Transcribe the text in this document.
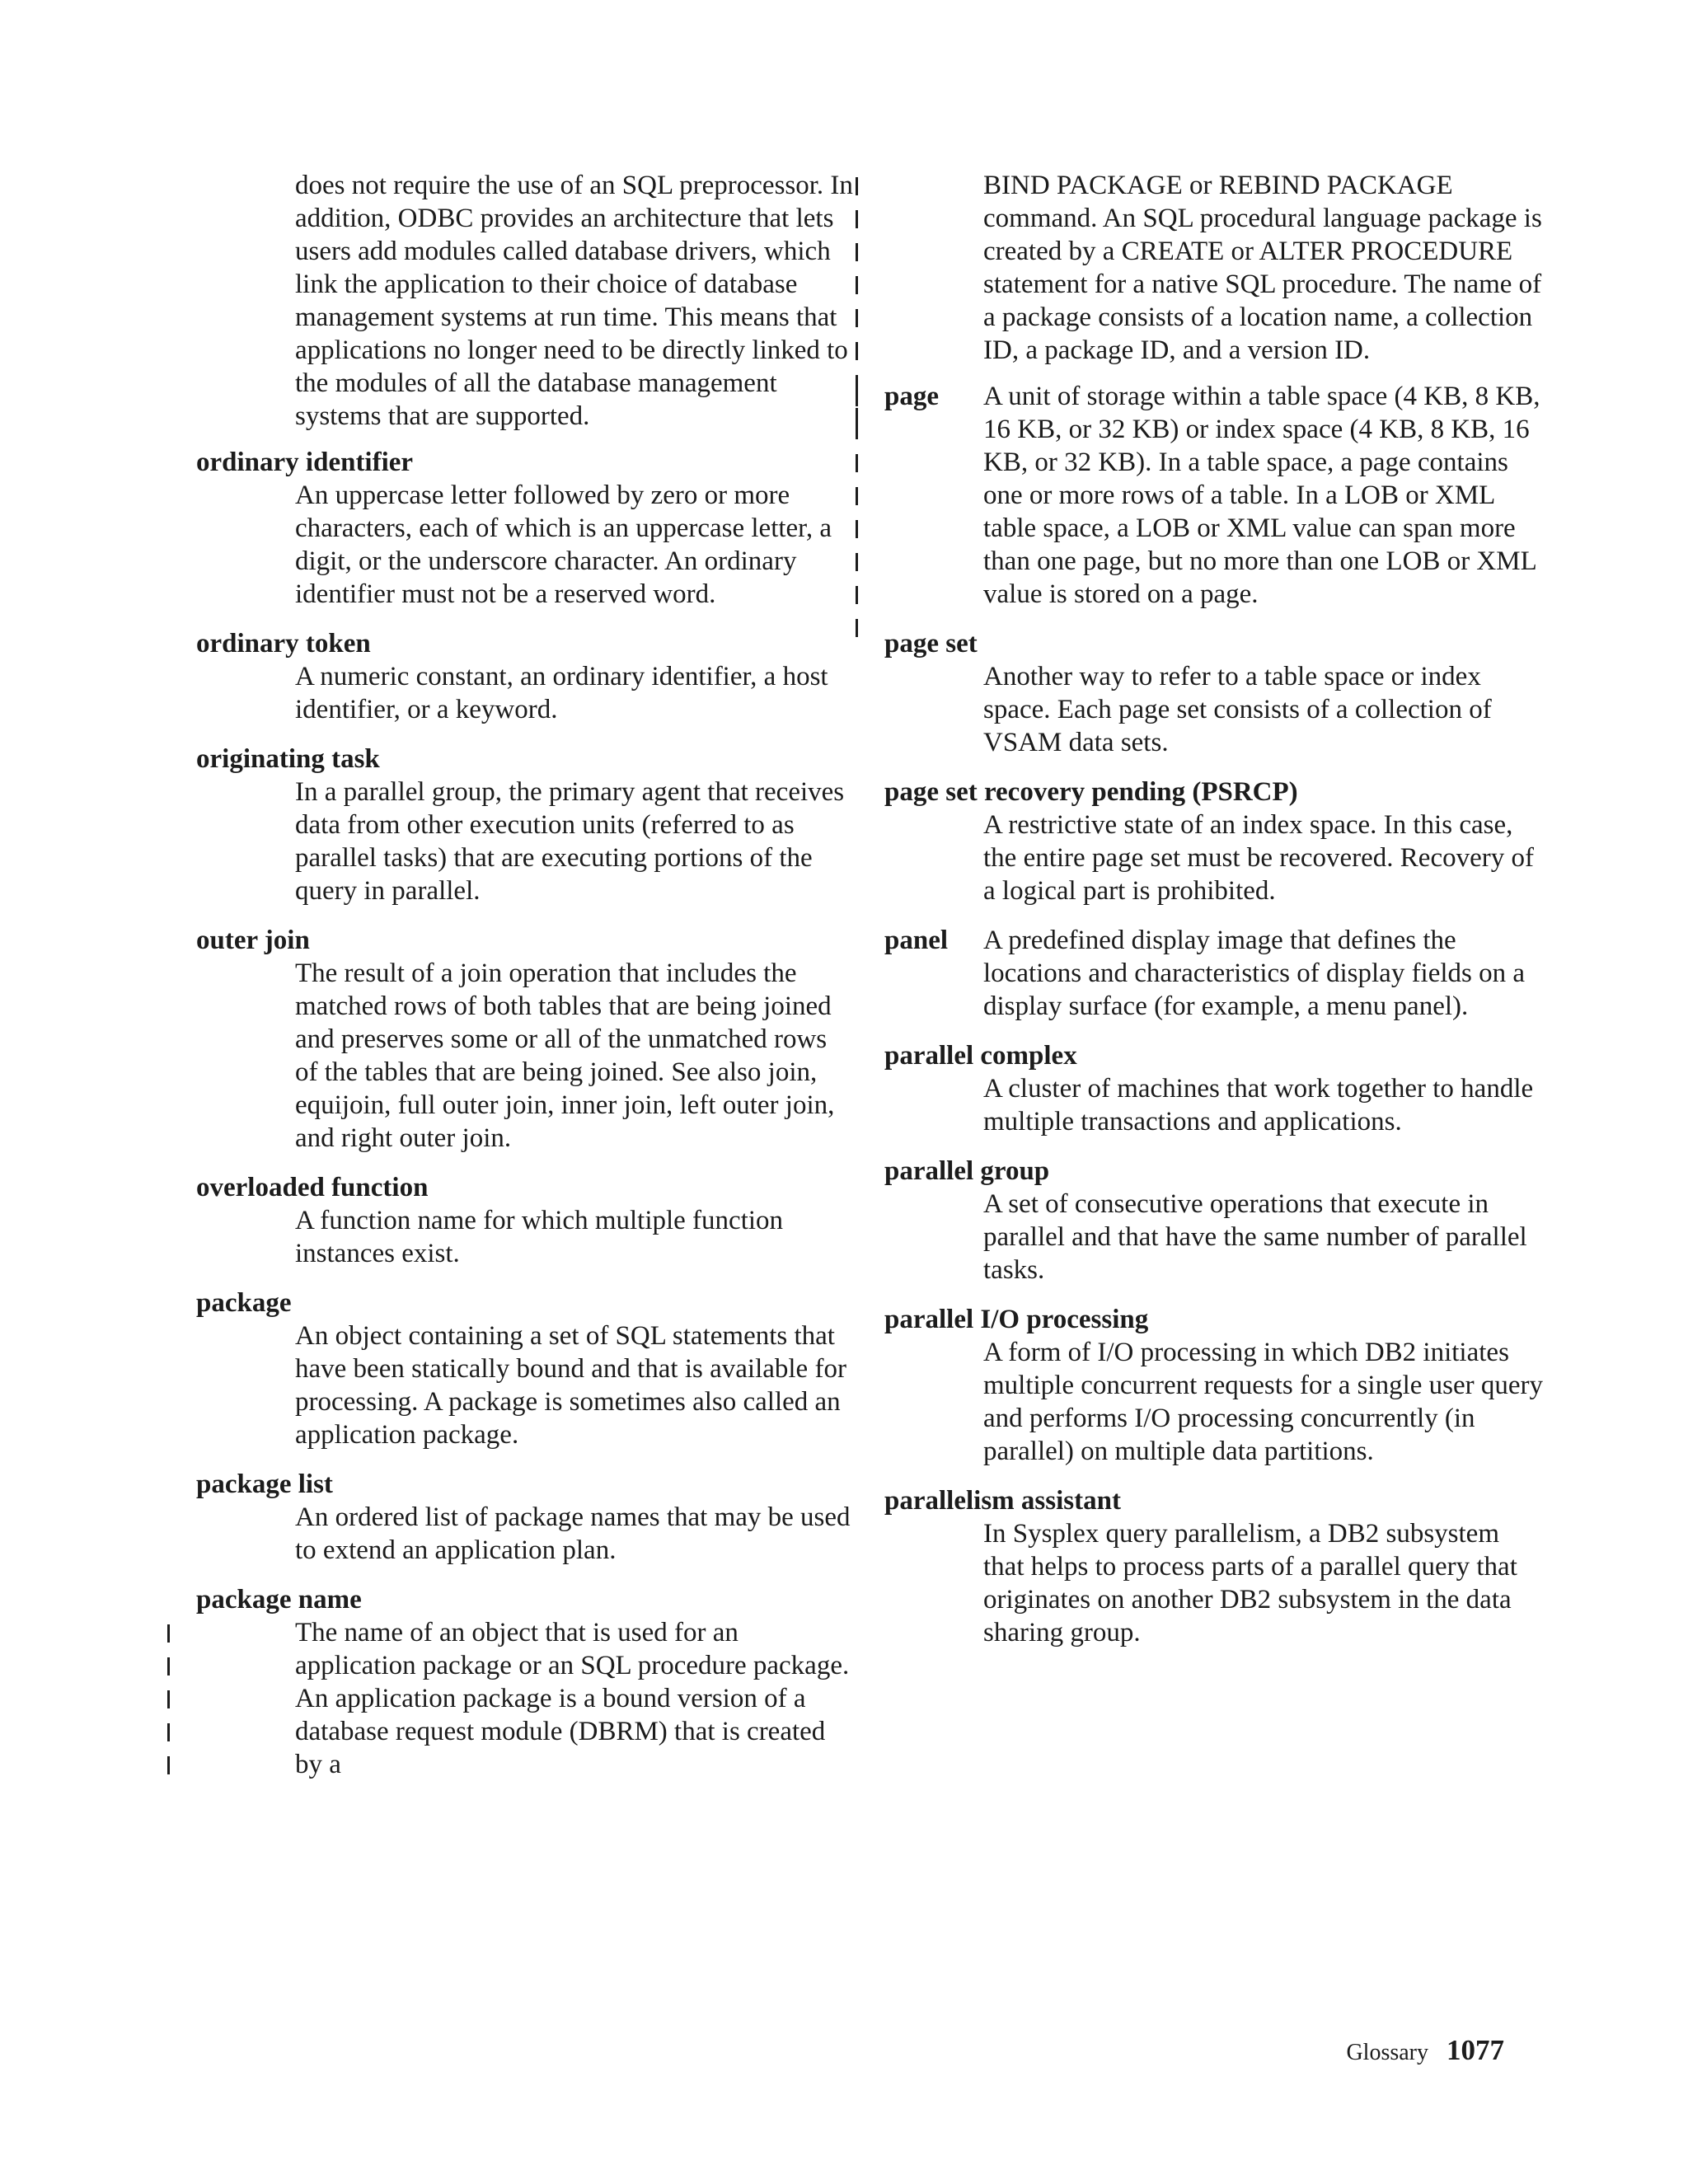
does not require the use of an SQL preprocessor. In addition, ODBC provides an architecture that lets users add modules called database drivers, which link the application to their choice of database management systems at run time. This means that applications no longer need to be directly linked to the modules of all the database management systems that are supported.
ordinary identifier
An uppercase letter followed by zero or more characters, each of which is an uppercase letter, a digit, or the underscore character. An ordinary identifier must not be a reserved word.
ordinary token
A numeric constant, an ordinary identifier, a host identifier, or a keyword.
originating task
In a parallel group, the primary agent that receives data from other execution units (referred to as parallel tasks) that are executing portions of the query in parallel.
outer join
The result of a join operation that includes the matched rows of both tables that are being joined and preserves some or all of the unmatched rows of the tables that are being joined. See also join, equijoin, full outer join, inner join, left outer join, and right outer join.
overloaded function
A function name for which multiple function instances exist.
package
An object containing a set of SQL statements that have been statically bound and that is available for processing. A package is sometimes also called an application package.
package list
An ordered list of package names that may be used to extend an application plan.
package name
The name of an object that is used for an application package or an SQL procedure package. An application package is a bound version of a database request module (DBRM) that is created by a
BIND PACKAGE or REBIND PACKAGE command. An SQL procedural language package is created by a CREATE or ALTER PROCEDURE statement for a native SQL procedure. The name of a package consists of a location name, a collection ID, a package ID, and a version ID.
page A unit of storage within a table space (4 KB, 8 KB, 16 KB, or 32 KB) or index space (4 KB, 8 KB, 16 KB, or 32 KB). In a table space, a page contains one or more rows of a table. In a LOB or XML table space, a LOB or XML value can span more than one page, but no more than one LOB or XML value is stored on a page.
page set
Another way to refer to a table space or index space. Each page set consists of a collection of VSAM data sets.
page set recovery pending (PSRCP)
A restrictive state of an index space. In this case, the entire page set must be recovered. Recovery of a logical part is prohibited.
panel A predefined display image that defines the locations and characteristics of display fields on a display surface (for example, a menu panel).
parallel complex
A cluster of machines that work together to handle multiple transactions and applications.
parallel group
A set of consecutive operations that execute in parallel and that have the same number of parallel tasks.
parallel I/O processing
A form of I/O processing in which DB2 initiates multiple concurrent requests for a single user query and performs I/O processing concurrently (in parallel) on multiple data partitions.
parallelism assistant
In Sysplex query parallelism, a DB2 subsystem that helps to process parts of a parallel query that originates on another DB2 subsystem in the data sharing group.
Glossary 1077
